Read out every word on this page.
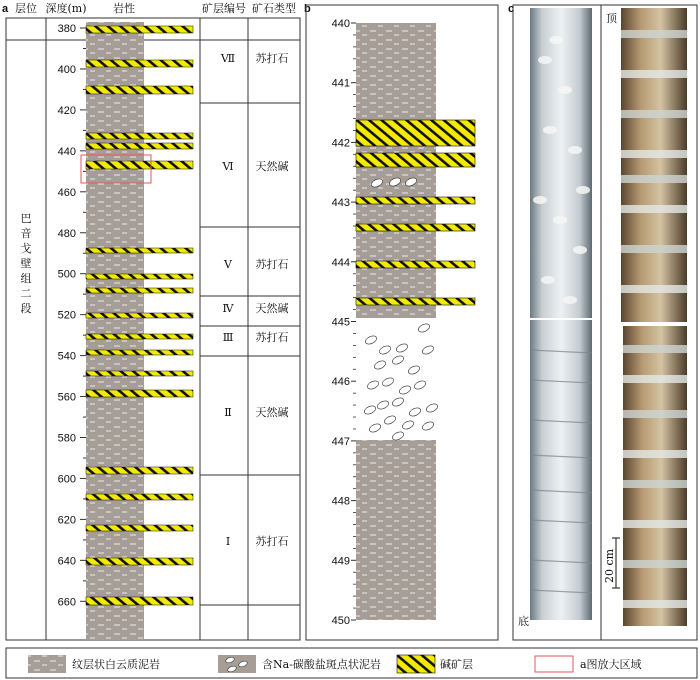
a 层位 深度(m) 岩性	矿层编号 矿石类型
巴
音
戈
壁
组
二
段
380
400
420
440
460
480
500
520
540
560
580
600
620
640
660
Ⅶ 苏打石
Ⅵ 天然碱
Ⅴ 苏打石
Ⅳ 天然碱
Ⅲ 苏打石
Ⅱ 天然碱
Ⅰ 苏打石
b
440
441
442
443
444
445
446
447
448
449
450
c
顶
底
20 cm
纹层状白云质泥岩	含Na-碳酸盐斑点状泥岩	碱矿层	a图放大区域
